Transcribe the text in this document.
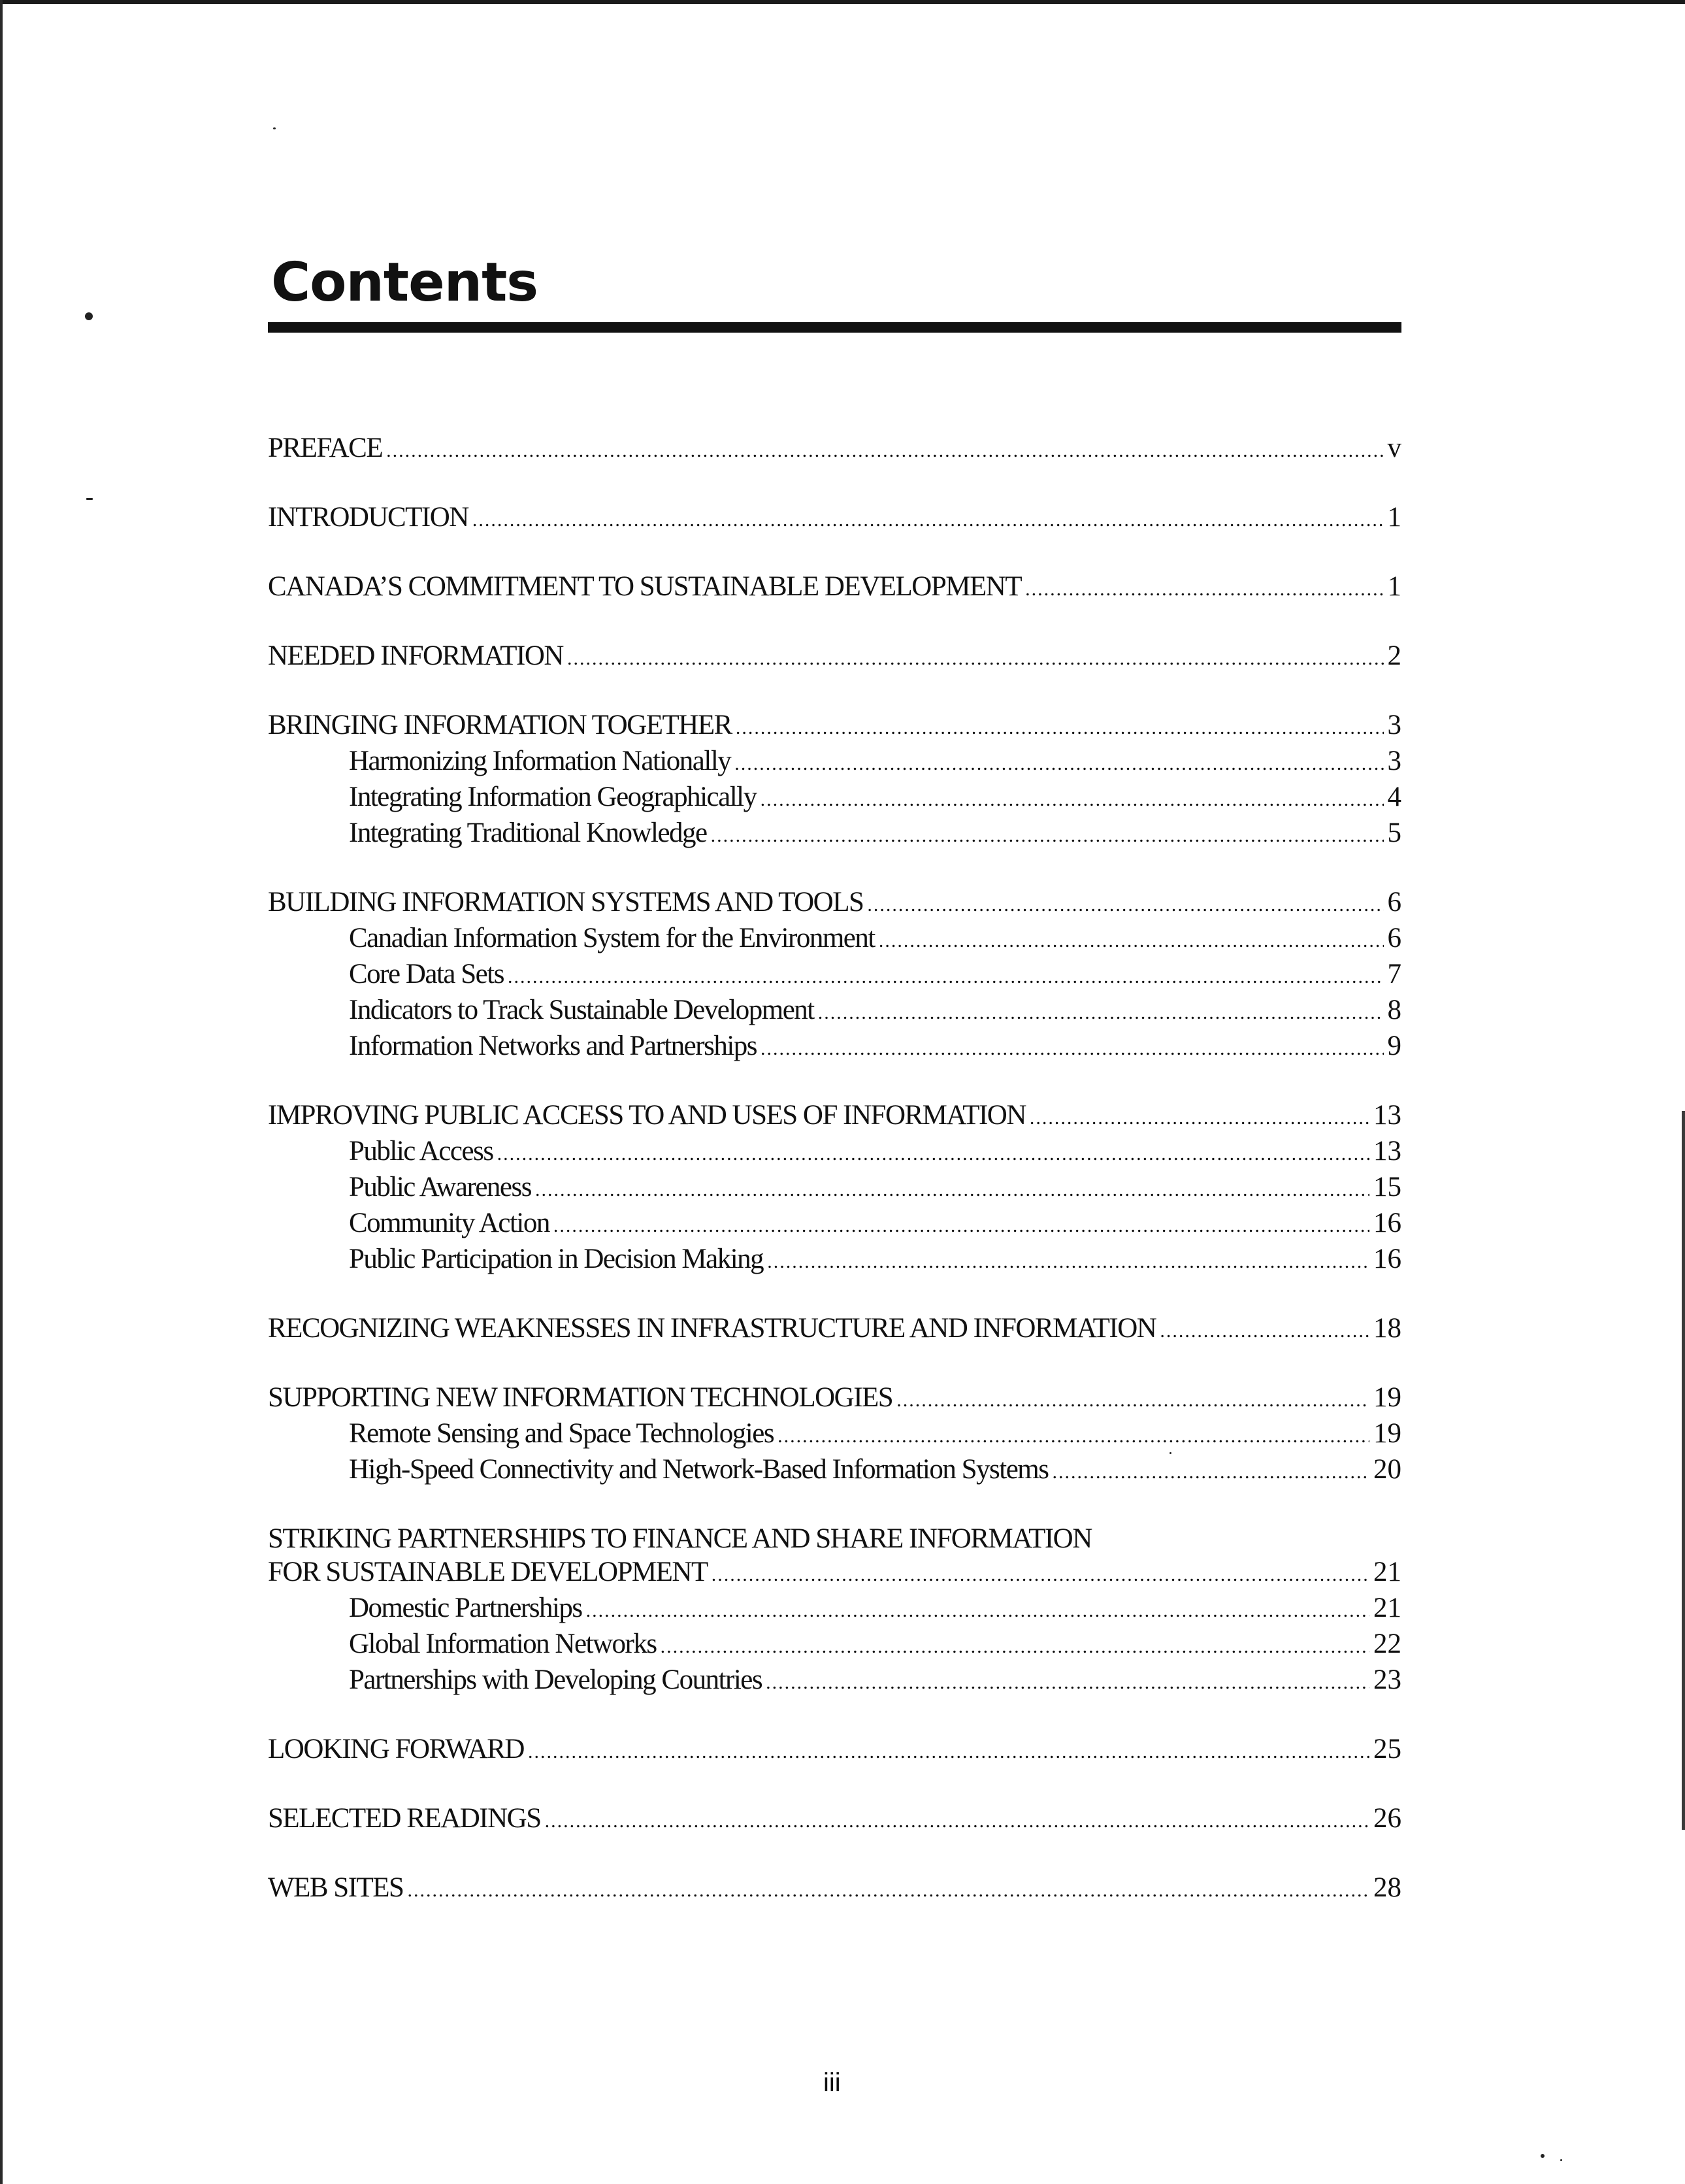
Contents
PREFACE .....	v
INTRODUCTION .....	1
CANADA’S COMMITMENT TO SUSTAINABLE DEVELOPMENT .....	1
NEEDED INFORMATION .....	2
BRINGING INFORMATION TOGETHER .....	3
Harmonizing Information Nationally .....	3
Integrating Information Geographically .....	4
Integrating Traditional Knowledge .....	5
BUILDING INFORMATION SYSTEMS AND TOOLS .....	6
Canadian Information System for the Environment .....	6
Core Data Sets .....	7
Indicators to Track Sustainable Development .....	8
Information Networks and Partnerships .....	9
IMPROVING PUBLIC ACCESS TO AND USES OF INFORMATION .....	13
Public Access .....	13
Public Awareness .....	15
Community Action .....	16
Public Participation in Decision Making .....	16
RECOGNIZING WEAKNESSES IN INFRASTRUCTURE AND INFORMATION .....	18
SUPPORTING NEW INFORMATION TECHNOLOGIES .....	19
Remote Sensing and Space Technologies .....	19
High-Speed Connectivity and Network-Based Information Systems .....	20
STRIKING PARTNERSHIPS TO FINANCE AND SHARE INFORMATION
FOR SUSTAINABLE DEVELOPMENT .....	21
Domestic Partnerships .....	21
Global Information Networks .....	22
Partnerships with Developing Countries .....	23
LOOKING FORWARD .....	25
SELECTED READINGS .....	26
WEB SITES .....	28
iii
